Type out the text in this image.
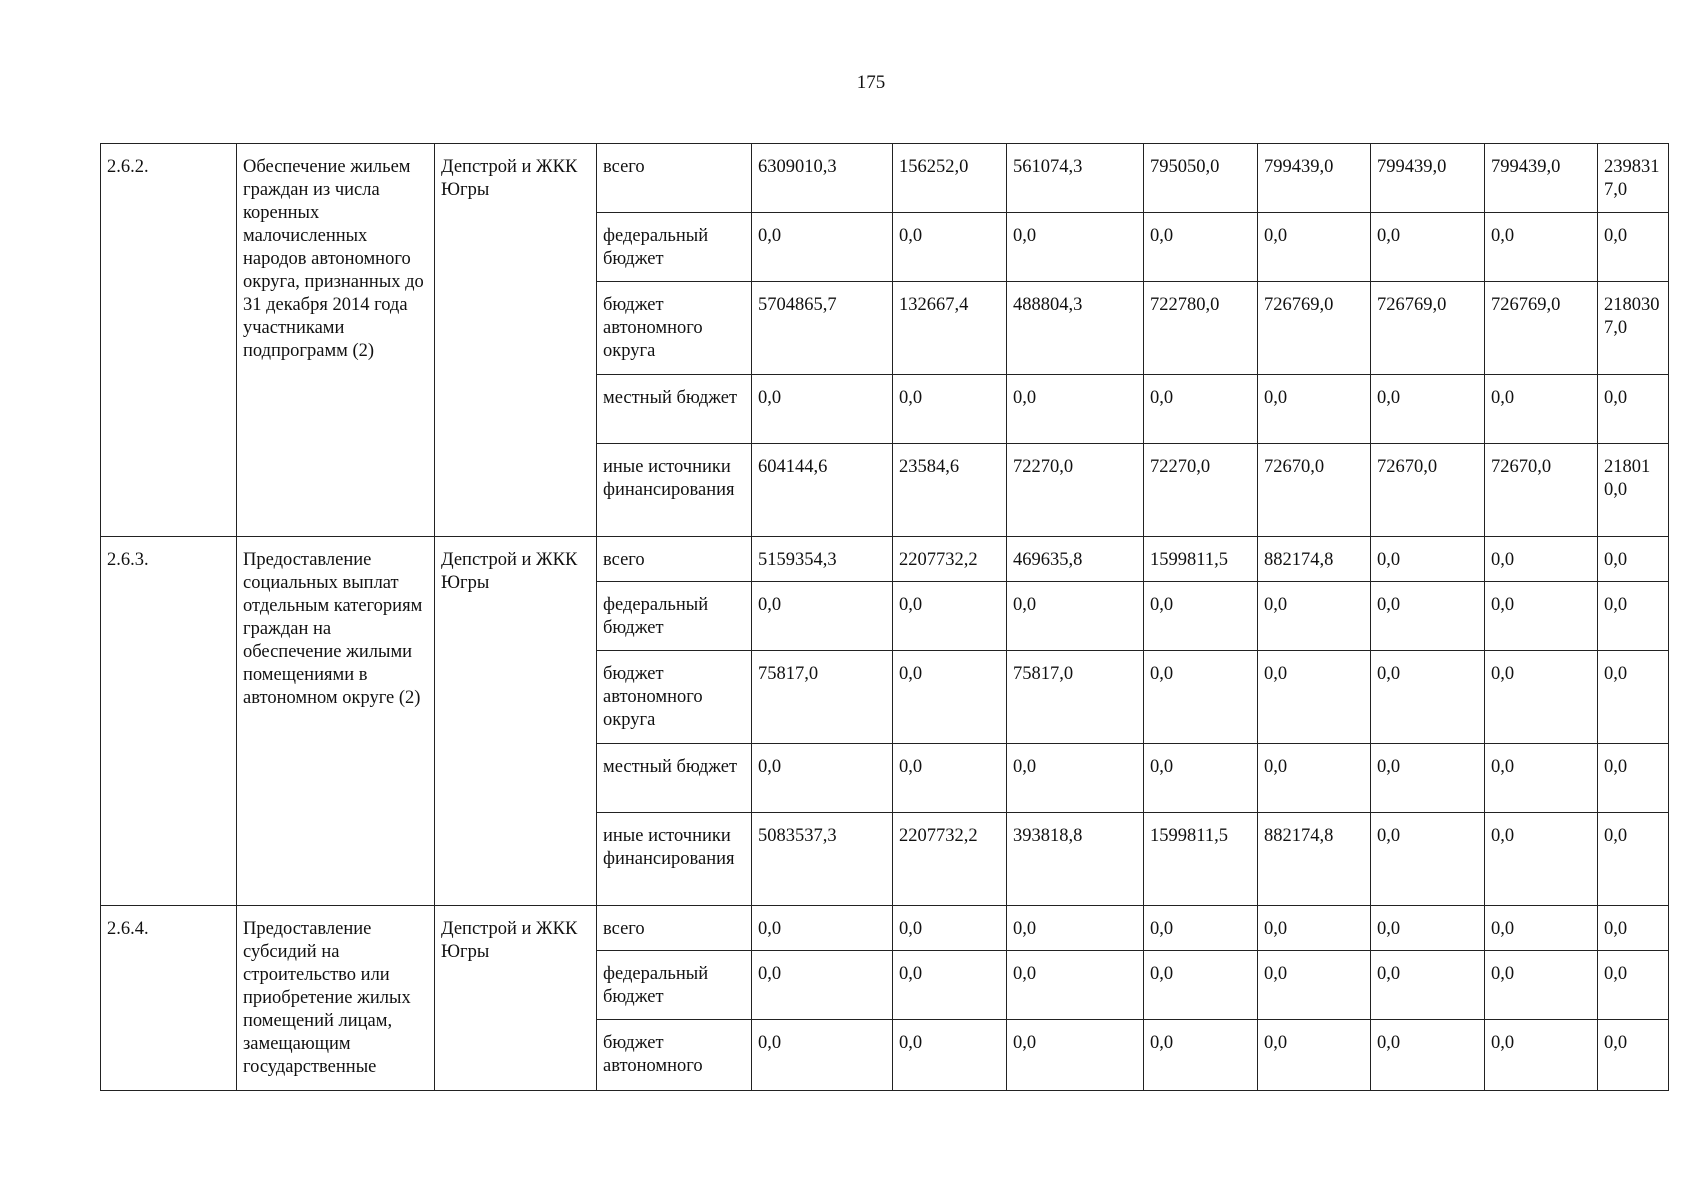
175
2.6.2.	Обеспечение жильем граждан из числа коренных малочисленных народов автономного округа, признанных до 31 декабря 2014 года участниками подпрограмм (2)	Депстрой и ЖКК Югры	всего	6309010,3	156252,0	561074,3	795050,0	799439,0	799439,0	799439,0	2398317,0
			федеральный бюджет	0,0	0,0	0,0	0,0	0,0	0,0	0,0	0,0
			бюджет автономного округа	5704865,7	132667,4	488804,3	722780,0	726769,0	726769,0	726769,0	2180307,0
			местный бюджет	0,0	0,0	0,0	0,0	0,0	0,0	0,0	0,0
			иные источники финансирования	604144,6	23584,6	72270,0	72270,0	72670,0	72670,0	72670,0	218010,0
2.6.3.	Предоставление социальных выплат отдельным категориям граждан на обеспечение жилыми помещениями в автономном округе (2)	Депстрой и ЖКК Югры	всего	5159354,3	2207732,2	469635,8	1599811,5	882174,8	0,0	0,0	0,0
			федеральный бюджет	0,0	0,0	0,0	0,0	0,0	0,0	0,0	0,0
			бюджет автономного округа	75817,0	0,0	75817,0	0,0	0,0	0,0	0,0	0,0
			местный бюджет	0,0	0,0	0,0	0,0	0,0	0,0	0,0	0,0
			иные источники финансирования	5083537,3	2207732,2	393818,8	1599811,5	882174,8	0,0	0,0	0,0
2.6.4.	Предоставление субсидий на строительство или приобретение жилых помещений лицам, замещающим государственные	Депстрой и ЖКК Югры	всего	0,0	0,0	0,0	0,0	0,0	0,0	0,0	0,0
			федеральный бюджет	0,0	0,0	0,0	0,0	0,0	0,0	0,0	0,0
			бюджет автономного	0,0	0,0	0,0	0,0	0,0	0,0	0,0	0,0
